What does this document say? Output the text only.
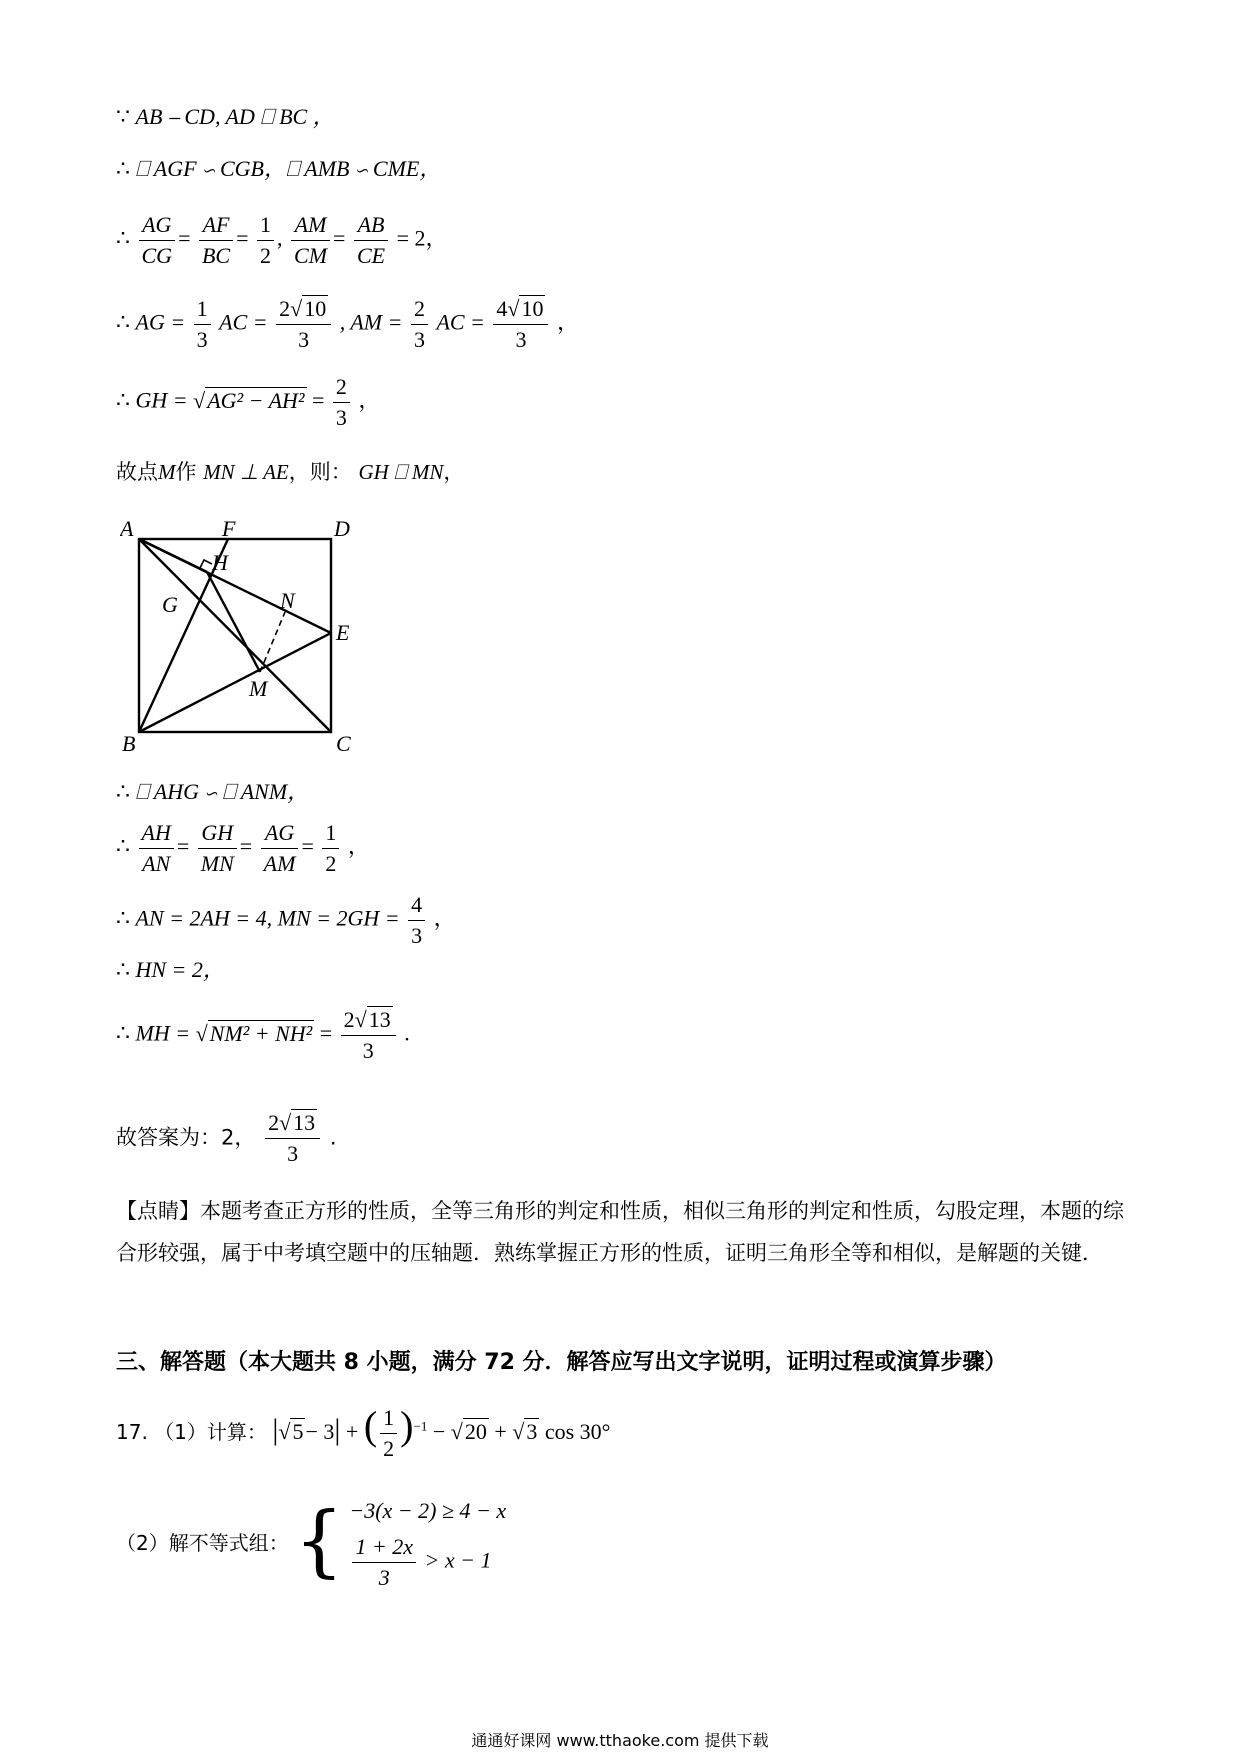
∵ AB ⎯ CD, AD ⎕ BC ，
∴ ⎕ AGF ∽ CGB，⎕ AMB ∽ CME，
∴ $\frac{AG}{CG} = \frac{AF}{BC} = \frac{1}{2}$ , $\frac{AM}{CM} = \frac{AB}{CE} = 2$，
∴ AG = $\frac{1}{3}$ AC = $\frac{2√10}{3}$ , AM = $\frac{2}{3}$ AC = $\frac{4√10}{3}$ ，
∴ GH = $√AG^2 - AH^2 = \frac{2}{3}$ ，
故点M作 MN ⊥ AE，则： GH ⎕ MN，
A	F	D
H
N
G
E
M
B	C
∴ ⎕ AHG ∽ ⎕ ANM，
∴ $\frac{AH}{AN} = \frac{GH}{MN} = \frac{AG}{AM} = \frac{1}{2}$ ，
∴ AN = 2AH = 4, MN = $2GH = \frac{4}{3}$ ，
∴ HN = 2，
∴ MH = $√NM^2 + NH^2 = \frac{2√13}{3}$ .
故答案为：2， $\frac{2√13}{3}$ .
【点睛】本题考查正方形的性质，全等三角形的判定和性质，相似三角形的判定和性质，勾股定理，本题的综合形较强，属于中考填空题中的压轴题．熟练掌握正方形的性质，证明三角形全等和相似，是解题的关键．
三、解答题（本大题共 8 小题，满分 72 分．解答应写出文字说明，证明过程或演算步骤）
17. （1）计算： |√5− 3| + ( $\frac{1}{2} )^{-1} - √20 + √3$ cos 30°
（2）解不等式组： { −3(x − 2) ≥ 4 − x
$\frac{1 + 2x}{3} > x - 1$
通通好课网 www.tthaoke.com 提供下载
